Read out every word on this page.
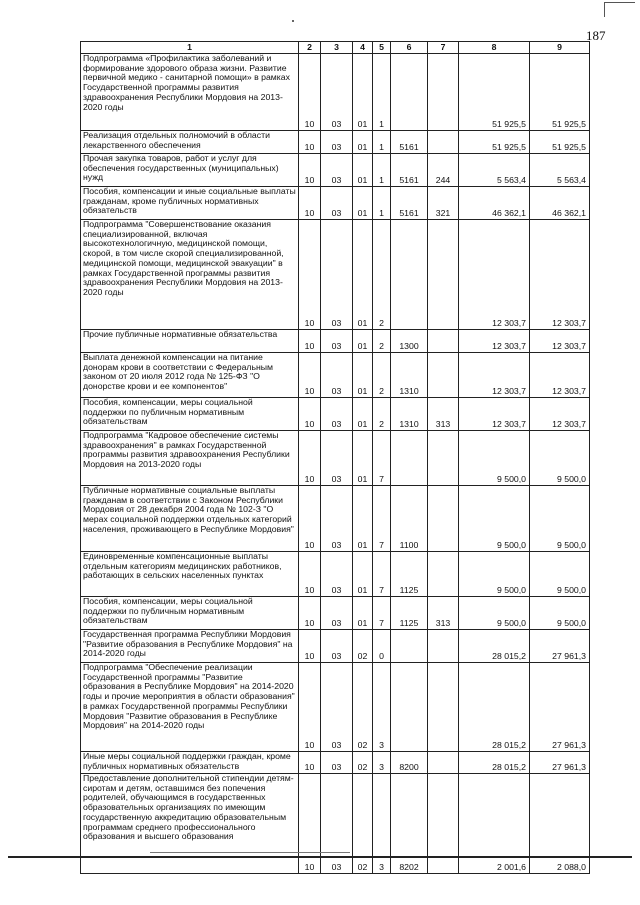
187
1	2	3	4	5	6	7	8	9
Подпрограмма «Профилактика заболеваний и формирование здорового образа жизни. Развитие первичной медико - санитарной помощи» в рамках Государственной программы развития здравоохранения Республики Мордовия на 2013-2020 годы	10	03	01	1			51 925,5	51 925,5
Реализация отдельных полномочий в области лекарственного обеспечения	10	03	01	1	5161		51 925,5	51 925,5
Прочая закупка товаров, работ и услуг для обеспечения государственных (муниципальных) нужд	10	03	01	1	5161	244	5 563,4	5 563,4
Пособия, компенсации и иные социальные выплаты гражданам, кроме публичных нормативных обязательств	10	03	01	1	5161	321	46 362,1	46 362,1
Подпрограмма "Совершенствование оказания специализированной, включая высокотехнологичную, медицинской помощи, скорой, в том числе скорой специализированной, медицинской помощи, медицинской эвакуации" в рамках Государственной программы развития здравоохранения Республики Мордовия на 2013-2020 годы	10	03	01	2			12 303,7	12 303,7
Прочие публичные нормативные обязательства	10	03	01	2	1300		12 303,7	12 303,7
Выплата денежной компенсации на питание донорам крови в соответствии с Федеральным законом от 20 июля 2012 года № 125-ФЗ "О донорстве крови и ее компонентов"	10	03	01	2	1310		12 303,7	12 303,7
Пособия, компенсации, меры социальной поддержки по публичным нормативным обязательствам	10	03	01	2	1310	313	12 303,7	12 303,7
Подпрограмма "Кадровое обеспечение системы здравоохранения" в рамках Государственной программы развития здравоохранения Республики Мордовия на 2013-2020 годы	10	03	01	7			9 500,0	9 500,0
Публичные нормативные социальные выплаты гражданам в соответствии с Законом Республики Мордовия от 28 декабря 2004 года № 102-З "О мерах социальной поддержки отдельных категорий населения, проживающего в Республике Мордовия"	10	03	01	7	1100		9 500,0	9 500,0
Единовременные компенсационные выплаты отдельным категориям медицинских работников, работающих в сельских населенных пунктах	10	03	01	7	1125		9 500,0	9 500,0
Пособия, компенсации, меры социальной поддержки по публичным нормативным обязательствам	10	03	01	7	1125	313	9 500,0	9 500,0
Государственная программа Республики Мордовия "Развитие образования в Республике Мордовия" на 2014-2020 годы	10	03	02	0			28 015,2	27 961,3
Подпрограмма "Обеспечение реализации Государственной программы "Развитие образования в Республике Мордовия" на 2014-2020 годы и прочие мероприятия в области образования" в рамках Государственной программы Республики Мордовия "Развитие образования в Республике Мордовия" на 2014-2020 годы	10	03	02	3			28 015,2	27 961,3
Иные меры социальной поддержки граждан, кроме публичных нормативных обязательств	10	03	02	3	8200		28 015,2	27 961,3
Предоставление дополнительной стипендии детям-сиротам и детям, оставшимся без попечения родителей, обучающимся в государственных образовательных организациях по имеющим государственную аккредитацию образовательным программам среднего профессионального образования и высшего образования	10	03	02	3	8202		2 001,6	2 088,0
